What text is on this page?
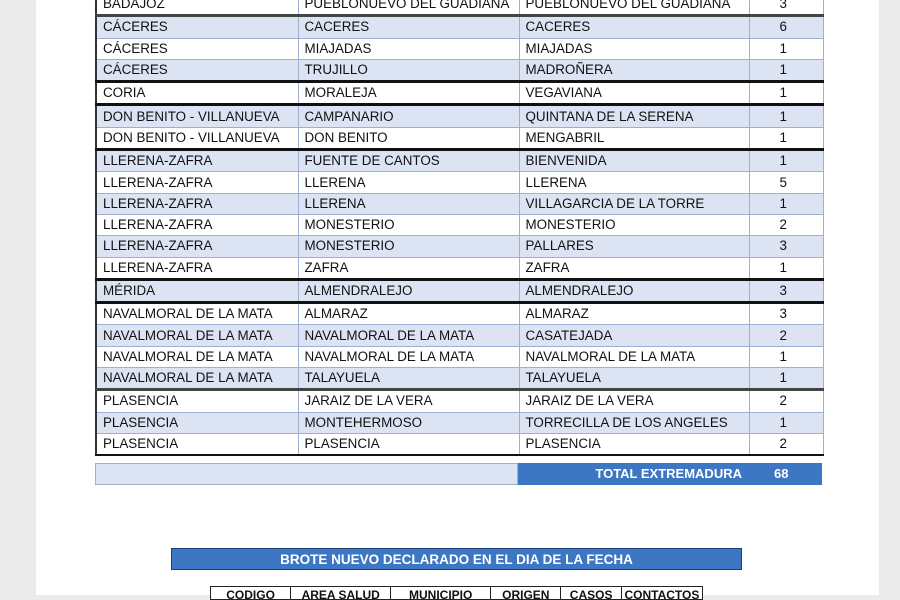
BADAJOZ	PUEBLONUEVO DEL GUADIANA	PUEBLONUEVO DEL GUADIANA	3
CÁCERES	CACERES	CACERES	6
CÁCERES	MIAJADAS	MIAJADAS	1
CÁCERES	TRUJILLO	MADROÑERA	1
CORIA	MORALEJA	VEGAVIANA	1
DON BENITO - VILLANUEVA	CAMPANARIO	QUINTANA DE LA SERENA	1
DON BENITO - VILLANUEVA	DON BENITO	MENGABRIL	1
LLERENA-ZAFRA	FUENTE DE CANTOS	BIENVENIDA	1
LLERENA-ZAFRA	LLERENA	LLERENA	5
LLERENA-ZAFRA	LLERENA	VILLAGARCIA DE LA TORRE	1
LLERENA-ZAFRA	MONESTERIO	MONESTERIO	2
LLERENA-ZAFRA	MONESTERIO	PALLARES	3
LLERENA-ZAFRA	ZAFRA	ZAFRA	1
MÉRIDA	ALMENDRALEJO	ALMENDRALEJO	3
NAVALMORAL DE LA MATA	ALMARAZ	ALMARAZ	3
NAVALMORAL DE LA MATA	NAVALMORAL DE LA MATA	CASATEJADA	2
NAVALMORAL DE LA MATA	NAVALMORAL DE LA MATA	NAVALMORAL DE LA MATA	1
NAVALMORAL DE LA MATA	TALAYUELA	TALAYUELA	1
PLASENCIA	JARAIZ DE LA VERA	JARAIZ DE LA VERA	2
PLASENCIA	MONTEHERMOSO	TORRECILLA DE LOS ANGELES	1
PLASENCIA	PLASENCIA	PLASENCIA	2
TOTAL EXTREMADURA	68
BROTE NUEVO DECLARADO EN EL DIA DE LA FECHA
CODIGO	AREA SALUD	MUNICIPIO	ORIGEN	CASOS	CONTACTOS
